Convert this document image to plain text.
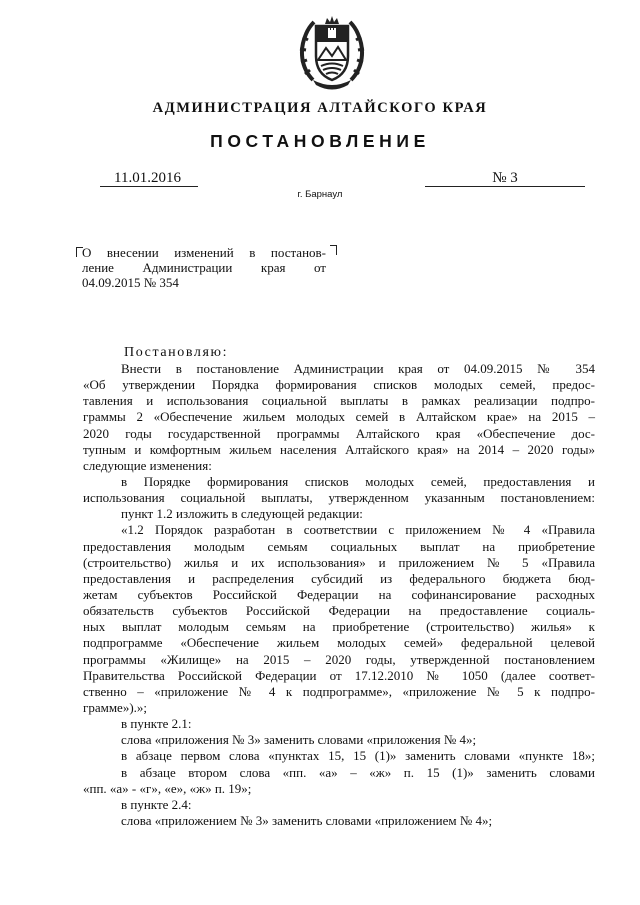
АДМИНИСТРАЦИЯ АЛТАЙСКОГО КРАЯ
ПОСТАНОВЛЕНИЕ
11.01.2016	№ 3
г. Барнаул
О внесении изменений в постанов-
ление Администрации края от
04.09.2015 № 354
Постановляю:
Внести в постановление Администрации края от 04.09.2015 № 354
«Об утверждении Порядка формирования списков молодых семей, предос-
тавления и использования социальной выплаты в рамках реализации подпро-
граммы 2 «Обеспечение жильем молодых семей в Алтайском крае» на 2015 –
2020 годы государственной программы Алтайского края «Обеспечение дос-
тупным и комфортным жильем населения Алтайского края» на 2014 – 2020 годы»
следующие изменения:
в Порядке формирования списков молодых семей, предоставления и
использования социальной выплаты, утвержденном указанным постановлением:
пункт 1.2 изложить в следующей редакции:
«1.2 Порядок разработан в соответствии с приложением № 4 «Правила
предоставления молодым семьям социальных выплат на приобретение
(строительство) жилья и их использования» и приложением № 5 «Правила
предоставления и распределения субсидий из федерального бюджета бюд-
жетам субъектов Российской Федерации на софинансирование расходных
обязательств субъектов Российской Федерации на предоставление социаль-
ных выплат молодым семьям на приобретение (строительство) жилья» к
подпрограмме «Обеспечение жильем молодых семей» федеральной целевой
программы «Жилище» на 2015 – 2020 годы, утвержденной постановлением
Правительства Российской Федерации от 17.12.2010 № 1050 (далее соответ-
ственно – «приложение № 4 к подпрограмме», «приложение № 5 к подпро-
грамме»).»;
в пункте 2.1:
слова «приложения № 3» заменить словами «приложения № 4»;
в абзаце первом слова «пунктах 15, 15 (1)» заменить словами «пункте 18»;
в абзаце втором слова «пп. «а» – «ж» п. 15 (1)» заменить словами
«пп. «а» - «г», «е», «ж» п. 19»;
в пункте 2.4:
слова «приложением № 3» заменить словами «приложением № 4»;
